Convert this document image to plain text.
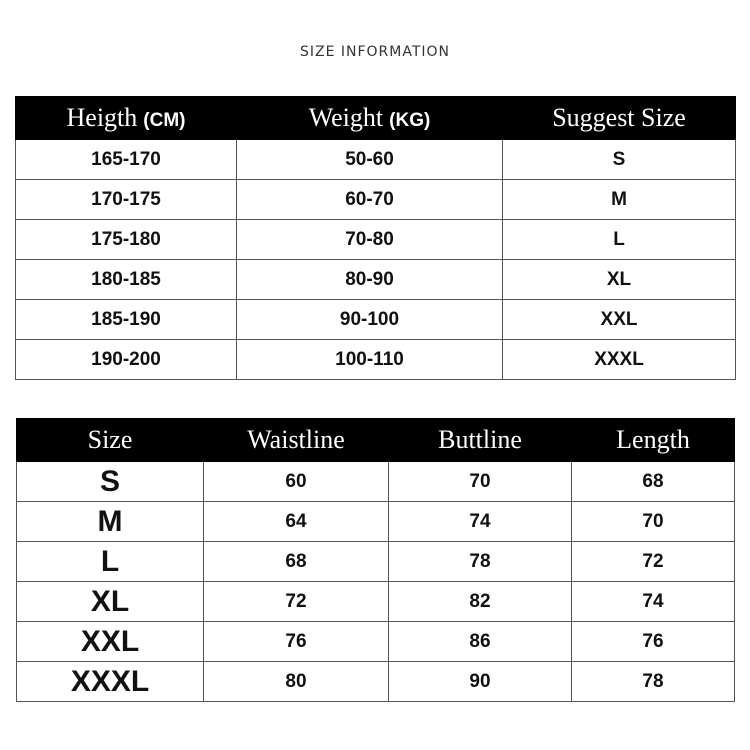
SIZE INFORMATION
Heigth (CM)	Weight (KG)	Suggest Size
165-170	50-60	S
170-175	60-70	M
175-180	70-80	L
180-185	80-90	XL
185-190	90-100	XXL
190-200	100-110	XXXL
Size	Waistline	Buttline	Length
S	60	70	68
M	64	74	70
L	68	78	72
XL	72	82	74
XXL	76	86	76
XXXL	80	90	78
